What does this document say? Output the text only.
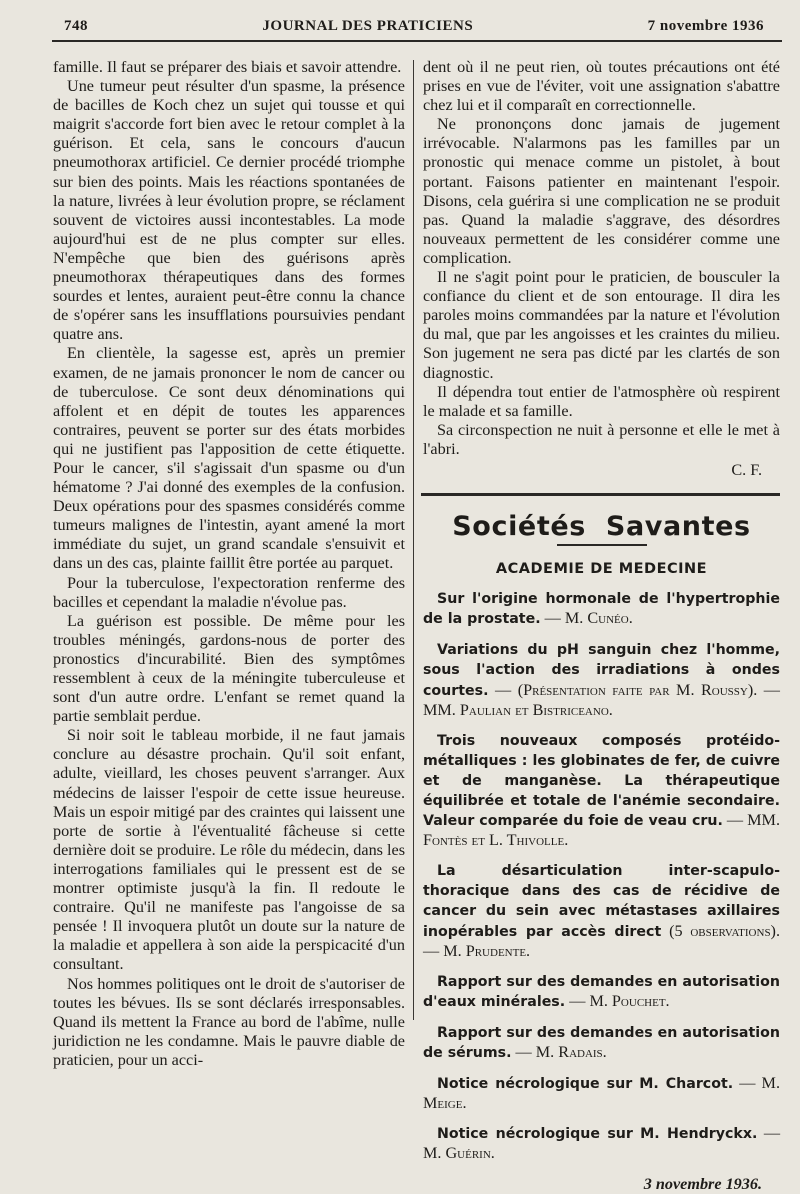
748	JOURNAL DES PRATICIENS	7 novembre 1936

famille. Il faut se préparer des biais et savoir attendre.

Une tumeur peut résulter d'un spasme, la présence de bacilles de Koch chez un sujet qui tousse et qui maigrit s'accorde fort bien avec le retour complet à la guérison. Et cela, sans le concours d'aucun pneumothorax artificiel. Ce dernier procédé triomphe sur bien des points. Mais les réactions spontanées de la nature, livrées à leur évolution propre, se réclament souvent de victoires aussi incontestables. La mode aujourd'hui est de ne plus compter sur elles. N'empêche que bien des guérisons après pneumothorax thérapeutiques dans des formes sourdes et lentes, auraient peut-être connu la chance de s'opérer sans les insufflations poursuivies pendant quatre ans.

En clientèle, la sagesse est, après un premier examen, de ne jamais prononcer le nom de cancer ou de tuberculose. Ce sont deux dénominations qui affolent et en dépit de toutes les apparences contraires, peuvent se porter sur des états morbides qui ne justifient pas l'apposition de cette étiquette. Pour le cancer, s'il s'agissait d'un spasme ou d'un hématome ? J'ai donné des exemples de la confusion. Deux opérations pour des spasmes considérés comme tumeurs malignes de l'intestin, ayant amené la mort immédiate du sujet, un grand scandale s'ensuivit et dans un des cas, plainte faillit être portée au parquet.

Pour la tuberculose, l'expectoration renferme des bacilles et cependant la maladie n'évolue pas.

La guérison est possible. De même pour les troubles méningés, gardons-nous de porter des pronostics d'incurabilité. Bien des symptômes ressemblent à ceux de la méningite tuberculeuse et sont d'un autre ordre. L'enfant se remet quand la partie semblait perdue.

Si noir soit le tableau morbide, il ne faut jamais conclure au désastre prochain. Qu'il soit enfant, adulte, vieillard, les choses peuvent s'arranger. Aux médecins de laisser l'espoir de cette issue heureuse. Mais un espoir mitigé par des craintes qui laissent une porte de sortie à l'éventualité fâcheuse si cette dernière doit se produire. Le rôle du médecin, dans les interrogations familiales qui le pressent est de se montrer optimiste jusqu'à la fin. Il redoute le contraire. Qu'il ne manifeste pas l'angoisse de sa pensée ! Il invoquera plutôt un doute sur la nature de la maladie et appellera à son aide la perspicacité d'un consultant.

Nos hommes politiques ont le droit de s'autoriser de toutes les bévues. Ils se sont déclarés irresponsables. Quand ils mettent la France au bord de l'abîme, nulle juridiction ne les condamne. Mais le pauvre diable de praticien, pour un acci-

dent où il ne peut rien, où toutes précautions ont été prises en vue de l'éviter, voit une assignation s'abattre chez lui et il comparaît en correctionnelle.

Ne prononçons donc jamais de jugement irrévocable. N'alarmons pas les familles par un pronostic qui menace comme un pistolet, à bout portant. Faisons patienter en maintenant l'espoir. Disons, cela guérira si une complication ne se produit pas. Quand la maladie s'aggrave, des désordres nouveaux permettent de les considérer comme une complication.

Il ne s'agit point pour le praticien, de bousculer la confiance du client et de son entourage. Il dira les paroles moins commandées par la nature et l'évolution du mal, que par les angoisses et les craintes du milieu. Son jugement ne sera pas dicté par les clartés de son diagnostic.

Il dépendra tout entier de l'atmosphère où respirent le malade et sa famille.

Sa circonspection ne nuit à personne et elle le met à l'abri.

C. F.
Sociétés Savantes
ACADEMIE DE MEDECINE

Sur l'origine hormonale de l'hypertrophie de la prostate. — M. Cunéo.

Variations du pH sanguin chez l'homme, sous l'action des irradiations à ondes courtes. — (Présentation faite par M. Roussy). — MM. Paulian et Bistriceano.

Trois nouveaux composés protéido-métalliques : les globinates de fer, de cuivre et de manganèse. La thérapeutique équilibrée et totale de l'anémie secondaire. Valeur comparée du foie de veau cru. — MM. Fontès et L. Thivolle.

La désarticulation inter-scapulo-thoracique dans des cas de récidive de cancer du sein avec métastases axillaires inopérables par accès direct (5 observations). — M. Prudente.

Rapport sur des demandes en autorisation d'eaux minérales. — M. Pouchet.

Rapport sur des demandes en autorisation de sérums. — M. Radais.

Notice nécrologique sur M. Charcot. — M. Meige.

Notice nécrologique sur M. Hendryckx. — M. Guérin.

3 novembre 1936.
